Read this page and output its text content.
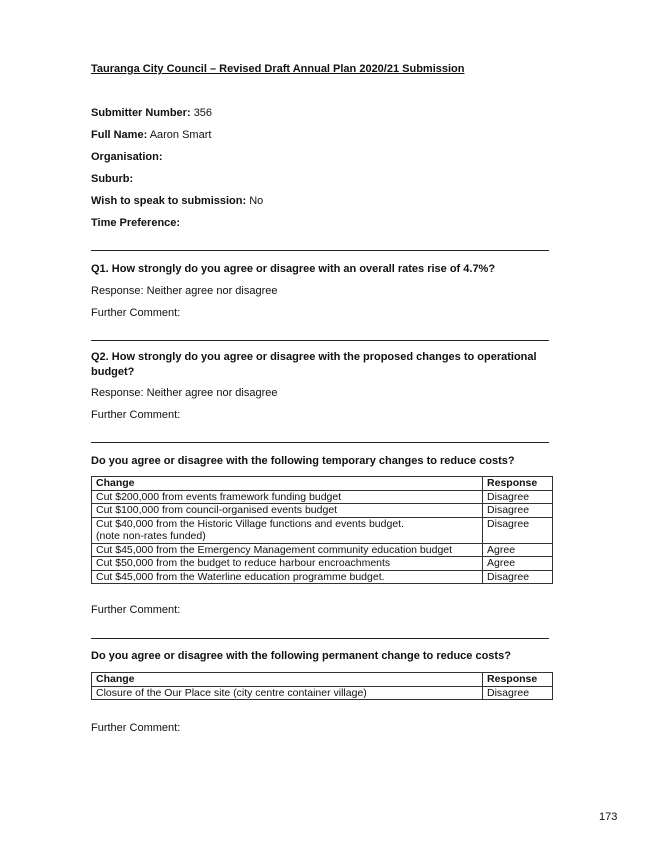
Tauranga City Council – Revised Draft Annual Plan 2020/21 Submission
Submitter Number: 356
Full Name: Aaron Smart
Organisation:
Suburb:
Wish to speak to submission: No
Time Preference:
Q1. How strongly do you agree or disagree with an overall rates rise of 4.7%?
Response: Neither agree nor disagree
Further Comment:
Q2. How strongly do you agree or disagree with the proposed changes to operational budget?
Response: Neither agree nor disagree
Further Comment:
Do you agree or disagree with the following temporary changes to reduce costs?
Change	Response
Cut $200,000 from events framework funding budget	Disagree
Cut $100,000 from council-organised events budget	Disagree

Cut $40,000 from the Historic Village functions and events budget.
(note non-rates funded)	Disagree
Cut $45,000 from the Emergency Management community education budget	Agree
Cut $50,000 from the budget to reduce harbour encroachments	Agree
Cut $45,000 from the Waterline education programme budget.	Disagree
Further Comment:
Do you agree or disagree with the following permanent change to reduce costs?
Change	Response
Closure of the Our Place site (city centre container village)	Disagree
Further Comment:
173
